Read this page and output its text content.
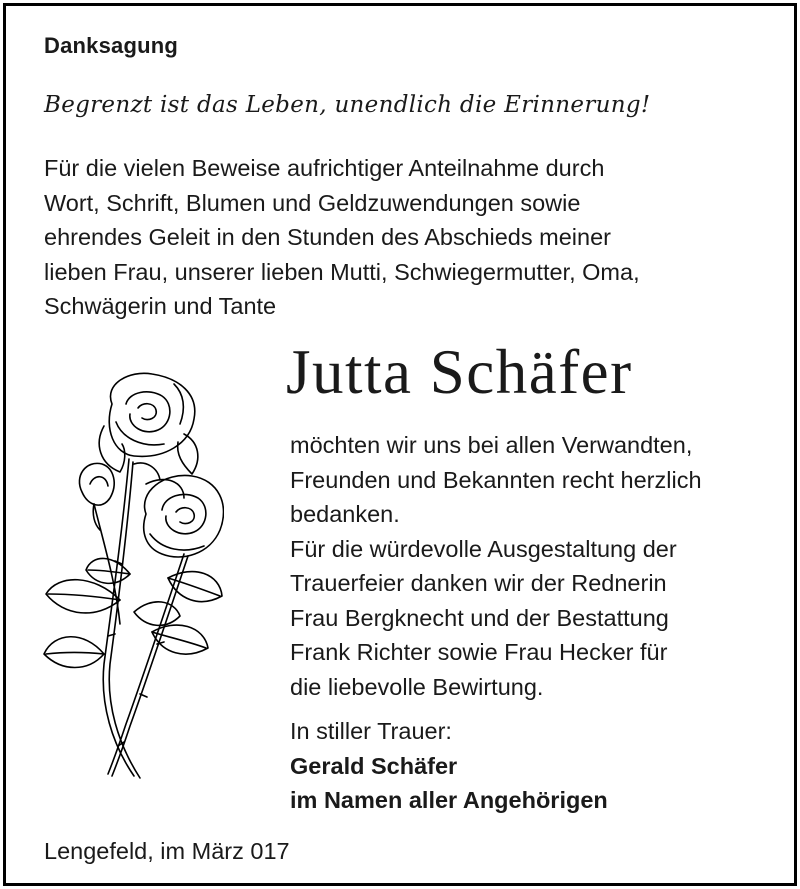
Danksagung
Begrenzt ist das Leben, unendlich die Erinnerung!
Für die vielen Beweise aufrichtiger Anteilnahme durch
Wort, Schrift, Blumen und Geldzuwendungen sowie
ehrendes Geleit in den Stunden des Abschieds meiner
lieben Frau, unserer lieben Mutti, Schwiegermutter, Oma,
Schwägerin und Tante
Jutta Schäfer
möchten wir uns bei allen Verwandten,
Freunden und Bekannten recht herzlich
bedanken.
Für die würdevolle Ausgestaltung der
Trauerfeier danken wir der Rednerin
Frau Bergknecht und der Bestattung
Frank Richter sowie Frau Hecker für
die liebevolle Bewirtung.
In stiller Trauer:
Gerald Schäfer
im Namen aller Angehörigen
Lengefeld, im März 017
